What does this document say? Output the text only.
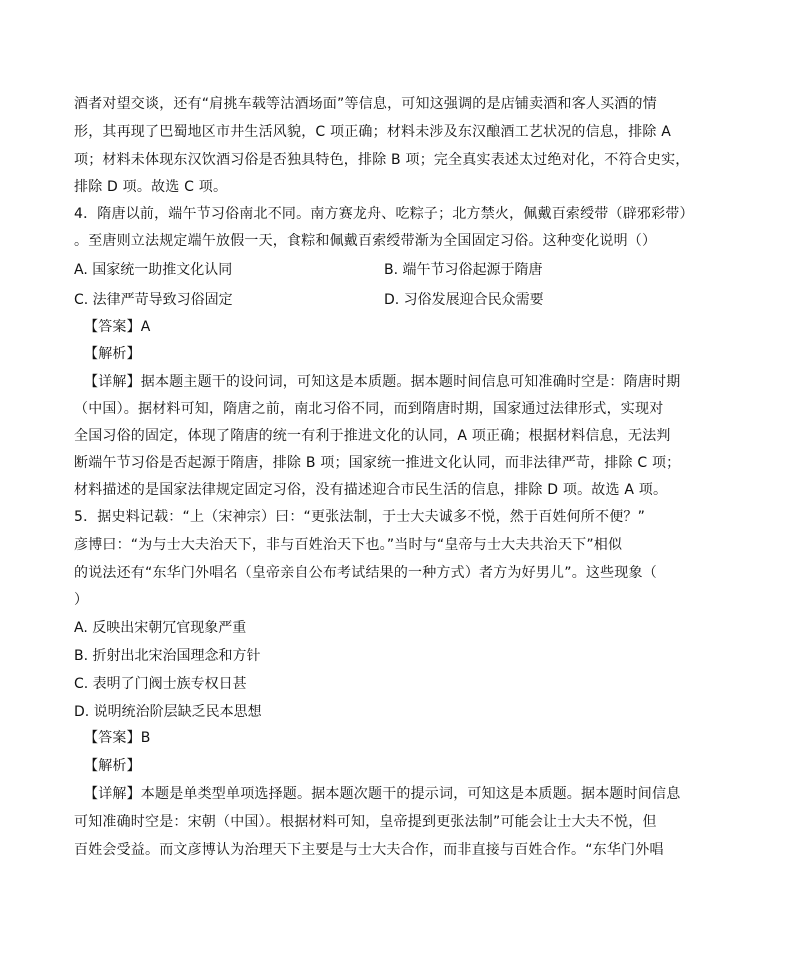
酒者对望交谈，还有“肩挑车载等沽酒场面”等信息，可知这强调的是店铺卖酒和客人买酒的情
形，其再现了巴蜀地区市井生活风貌，C 项正确；材料未涉及东汉酿酒工艺状况的信息，排除 A
项；材料未体现东汉饮酒习俗是否独具特色，排除 B 项；完全真实表述太过绝对化，不符合史实，
排除 D 项。故选 C 项。
4．隋唐以前，端午节习俗南北不同。南方赛龙舟、吃粽子；北方禁火，佩戴百索绶带（辟邪彩带）
。至唐则立法规定端午放假一天，食粽和佩戴百索绶带渐为全国固定习俗。这种变化说明（）
A. 国家统一助推文化认同	B. 端午节习俗起源于隋唐
C. 法律严苛导致习俗固定	D. 习俗发展迎合民众需要
【答案】A
【解析】
【详解】据本题主题干的设问词，可知这是本质题。据本题时间信息可知准确时空是：隋唐时期
（中国）。据材料可知，隋唐之前，南北习俗不同，而到隋唐时期，国家通过法律形式，实现对
全国习俗的固定，体现了隋唐的统一有利于推进文化的认同，A 项正确；根据材料信息，无法判
断端午节习俗是否起源于隋唐，排除 B 项；国家统一推进文化认同，而非法律严苛，排除 C 项；
材料描述的是国家法律规定固定习俗，没有描述迎合市民生活的信息，排除 D 项。故选 A 项。
5．据史料记载：“上（宋神宗）曰：“更张法制，于士大夫诚多不悦，然于百姓何所不便？”
彦博曰：“为与士大夫治天下，非与百姓治天下也。”当时与“皇帝与士大夫共治天下”相似
的说法还有“东华门外唱名（皇帝亲自公布考试结果的一种方式）者方为好男儿”。这些现象（
）
A. 反映出宋朝冗官现象严重
B. 折射出北宋治国理念和方针
C. 表明了门阀士族专权日甚
D. 说明统治阶层缺乏民本思想
【答案】B
【解析】
【详解】本题是单类型单项选择题。据本题次题干的提示词，可知这是本质题。据本题时间信息
可知准确时空是：宋朝（中国）。根据材料可知，皇帝提到更张法制”可能会让士大夫不悦，但
百姓会受益。而文彦博认为治理天下主要是与士大夫合作，而非直接与百姓合作。“东华门外唱
